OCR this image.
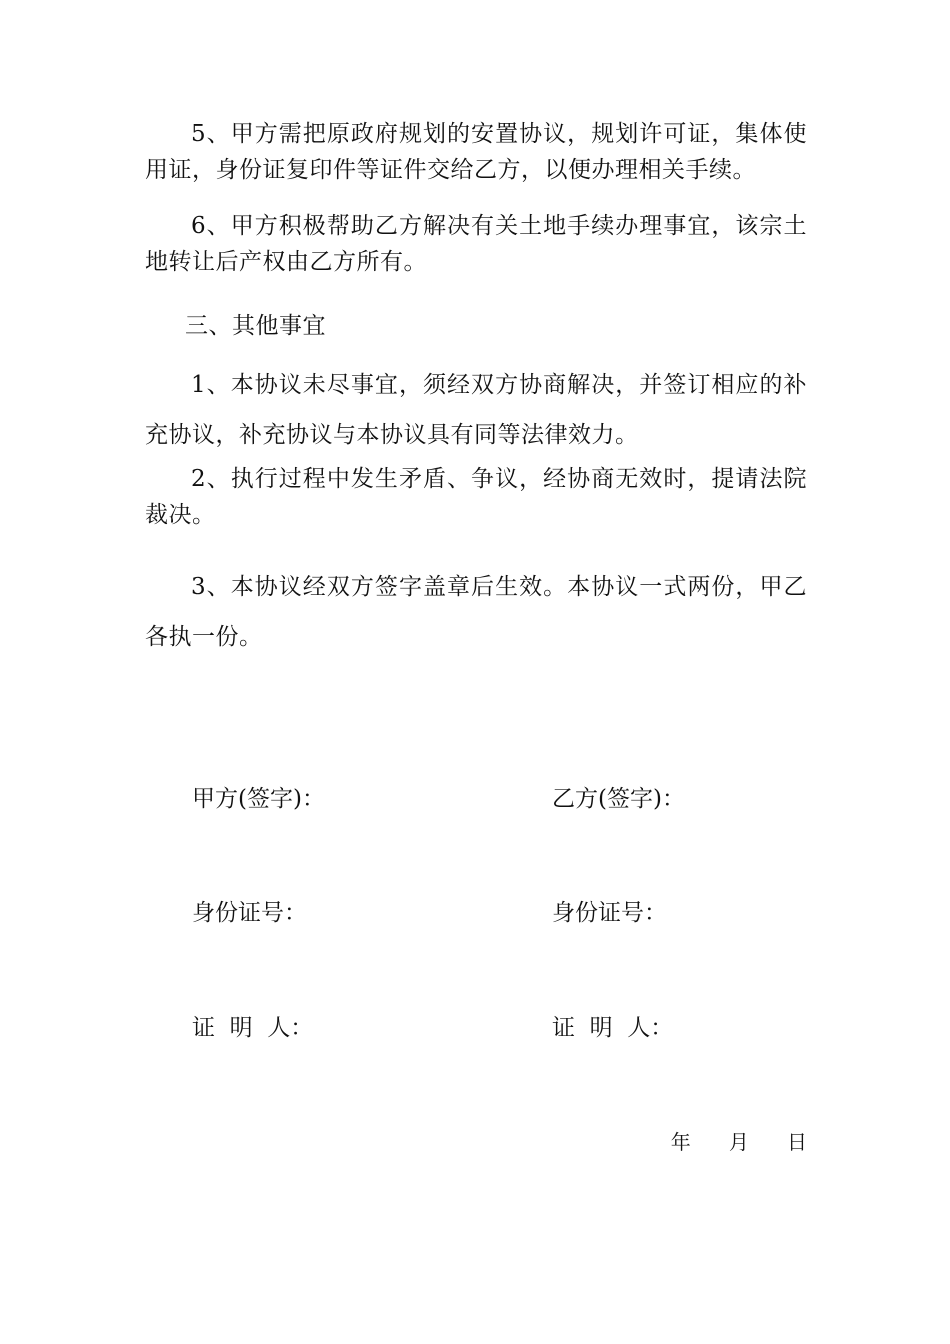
5、甲方需把原政府规划的安置协议，规划许可证，集体使用证，身份证复印件等证件交给乙方，以便办理相关手续。

6、甲方积极帮助乙方解决有关土地手续办理事宜，该宗土地转让后产权由乙方所有。

三、其他事宜

1、本协议未尽事宜，须经双方协商解决，并签订相应的补充协议，补充协议与本协议具有同等法律效力。

2、执行过程中发生矛盾、争议，经协商无效时，提请法院裁决。

3、本协议经双方签字盖章后生效。本协议一式两份，甲乙各执一份。

甲方(签字)：	乙方(签字)：

身份证号：	身份证号：

证  明  人：	证  明  人：

年      月      日
